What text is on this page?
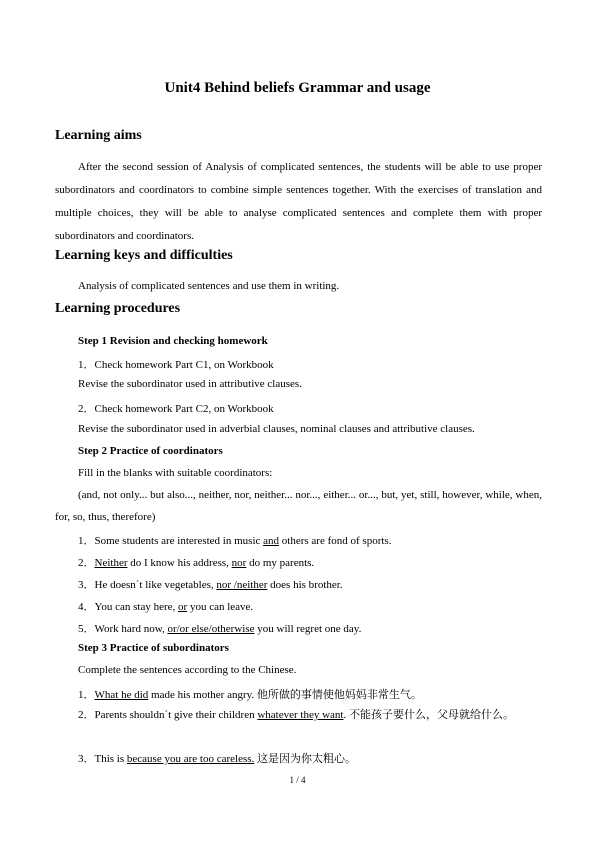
Unit4 Behind beliefs Grammar and usage
Learning aims
After the second session of Analysis of complicated sentences, the students will be able to use proper subordinators and coordinators to combine simple sentences together. With the exercises of translation and multiple choices, they will be able to analyse complicated sentences and complete them with proper subordinators and coordinators.
Learning keys and difficulties
Analysis of complicated sentences and use them in writing.
Learning procedures
Step 1 Revision and checking homework
1．Check homework Part C1, on Workbook
Revise the subordinator used in attributive clauses.
2．Check homework Part C2, on Workbook
Revise the subordinator used in adverbial clauses, nominal clauses and attributive clauses.
Step 2 Practice of coordinators
Fill in the blanks with suitable coordinators:
(and, not only... but also..., neither, nor, neither... nor..., either... or..., but, yet, still, however, while, when, for, so, thus, therefore)
1．Some students are interested in music and others are fond of sports.
2．Neither do I know his address, nor do my parents.
3．He doesn´t like vegetables, nor /neither does his brother.
4．You can stay here, or you can leave.
5．Work hard now, or/or else/otherwise you will regret one day.
Step 3 Practice of subordinators
Complete the sentences according to the Chinese.
1．What he did made his mother angry. 他所做的事情使他妈妈非常生气。
2．Parents shouldn´t give their children whatever they want. 不能孩子要什么，父母就给什么。
3．This is because you are too careless. 这是因为你太粗心。
1 / 4
